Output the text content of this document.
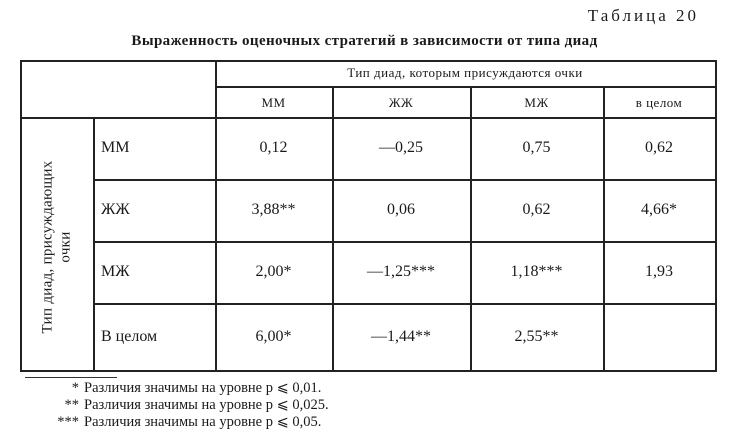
Таблица 20
Выраженность оценочных стратегий в зависимости от типа диад
Тип диад, которым присуждаются очки
ММ	ЖЖ	МЖ	в целом
Тип диад, присуждающих очки
ММ	0,12	—0,25	0,75	0,62
ЖЖ	3,88**	0,06	0,62	4,66*
МЖ	2,00*	—1,25***	1,18***	1,93
В целом	6,00*	—1,44**	2,55**
* Различия значимы на уровне p ⩽ 0,01.
** Различия значимы на уровне p ⩽ 0,025.
*** Различия значимы на уровне p ⩽ 0,05.
